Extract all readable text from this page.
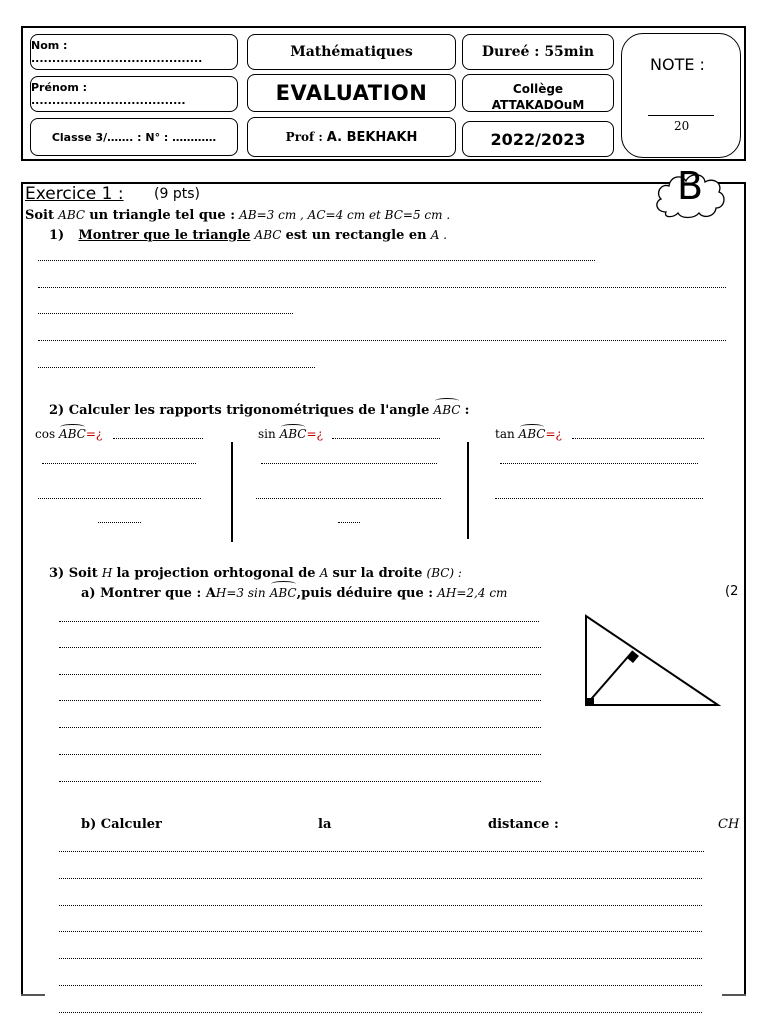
Nom : .........................................
Prénom : .....................................
Classe 3/……. : N° : …………
Mathématiques
EVALUATION
Prof : A. BEKHAKH
Dureé : 55min
Collège
ATTAKADOuM
2022/2023
NOTE :
20
B
Exercice 1 : (9 pts)
Soit ABC un triangle tel que : AB=3 cm , AC=4 cm et BC=5 cm .
1) Montrer que le triangle ABC est un rectangle en A .
2) Calculer les rapports trigonométriques de l'angle ABC :
cos ABC=¿	sin ABC=¿	tan ABC=¿
3) Soit H la projection orhtogonal de A sur la droite (BC) :
a) Montrer que : AH=3 sin ABC,puis déduire que : AH=2,4 cm	(2
b) Calculer	la	distance :	CH
